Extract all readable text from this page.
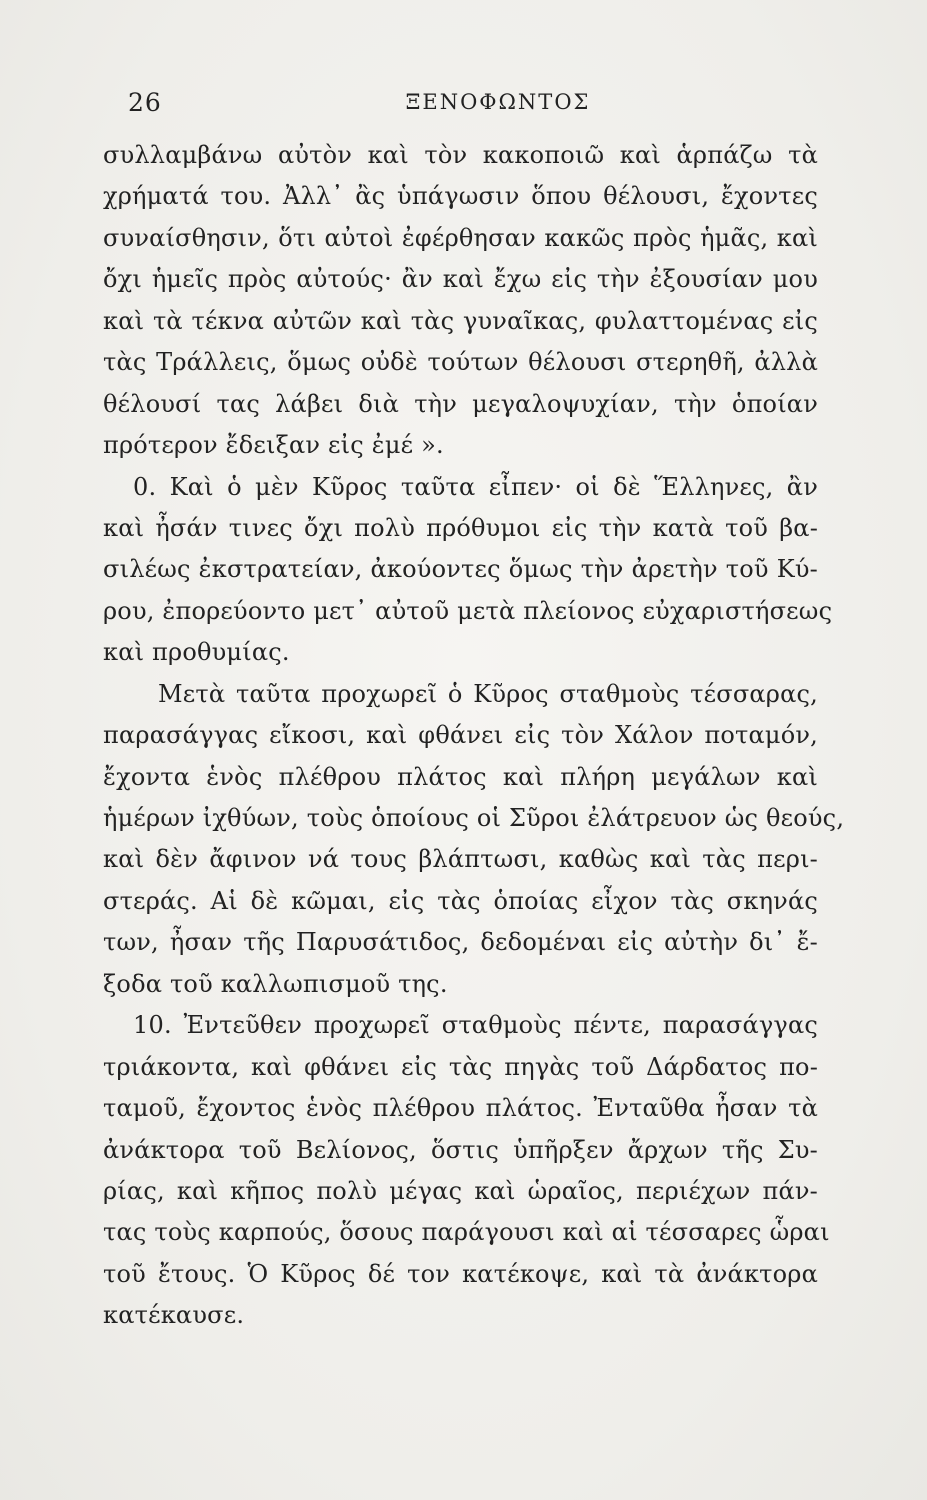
26	ΞΕΝΟΦΩΝΤΟΣ
συλλαμβάνω αὐτὸν καὶ τὸν κακοποιῶ καὶ ἁρπάζω τὰ
χρήματά του. Ἀλλ᾽ ἂς ὑπάγωσιν ὅπου θέλουσι, ἔχοντες
συναίσθησιν, ὅτι αὐτοὶ ἐφέρθησαν κακῶς πρὸς ἡμᾶς, καὶ
ὄχι ἡμεῖς πρὸς αὐτούς· ἂν καὶ ἔχω εἰς τὴν ἐξουσίαν μου
καὶ τὰ τέκνα αὐτῶν καὶ τὰς γυναῖκας, φυλαττομένας εἰς
τὰς Τράλλεις, ὅμως οὐδὲ τούτων θέλουσι στερηθῆ, ἀλλὰ
θέλουσί τας λάβει διὰ τὴν μεγαλοψυχίαν, τὴν ὁποίαν
πρότερον ἔδειξαν εἰς ἐμέ ».
0. Καὶ ὁ μὲν Κῦρος ταῦτα εἶπεν· οἱ δὲ Ἕλληνες, ἂν
καὶ ἦσάν τινες ὄχι πολὺ πρόθυμοι εἰς τὴν κατὰ τοῦ βα-
σιλέως ἐκστρατείαν, ἀκούοντες ὅμως τὴν ἀρετὴν τοῦ Κύ-
ρου, ἐπορεύοντο μετ᾽ αὐτοῦ μετὰ πλείονος εὐχαριστήσεως
καὶ προθυμίας.
Μετὰ ταῦτα προχωρεῖ ὁ Κῦρος σταθμοὺς τέσσαρας,
παρασάγγας εἴκοσι, καὶ φθάνει εἰς τὸν Χάλον ποταμόν,
ἔχοντα ἑνὸς πλέθρου πλάτος καὶ πλήρη μεγάλων καὶ
ἡμέρων ἰχθύων, τοὺς ὁποίους οἱ Σῦροι ἐλάτρευον ὡς θεούς,
καὶ δὲν ἄφινον νά τους βλάπτωσι, καθὼς καὶ τὰς περι-
στεράς. Αἱ δὲ κῶμαι, εἰς τὰς ὁποίας εἶχον τὰς σκηνάς
των, ἦσαν τῆς Παρυσάτιδος, δεδομέναι εἰς αὐτὴν δι᾽ ἔ-
ξοδα τοῦ καλλωπισμοῦ της.
10. Ἐντεῦθεν προχωρεῖ σταθμοὺς πέντε, παρασάγγας
τριάκοντα, καὶ φθάνει εἰς τὰς πηγὰς τοῦ Δάρδατος πο-
ταμοῦ, ἔχοντος ἑνὸς πλέθρου πλάτος. Ἐνταῦθα ἦσαν τὰ
ἀνάκτορα τοῦ Βελίονος, ὅστις ὑπῆρξεν ἄρχων τῆς Συ-
ρίας, καὶ κῆπος πολὺ μέγας καὶ ὡραῖος, περιέχων πάν-
τας τοὺς καρπούς, ὅσους παράγουσι καὶ αἱ τέσσαρες ὧραι
τοῦ ἔτους. Ὁ Κῦρος δέ τον κατέκοψε, καὶ τὰ ἀνάκτορα
κατέκαυσε.
